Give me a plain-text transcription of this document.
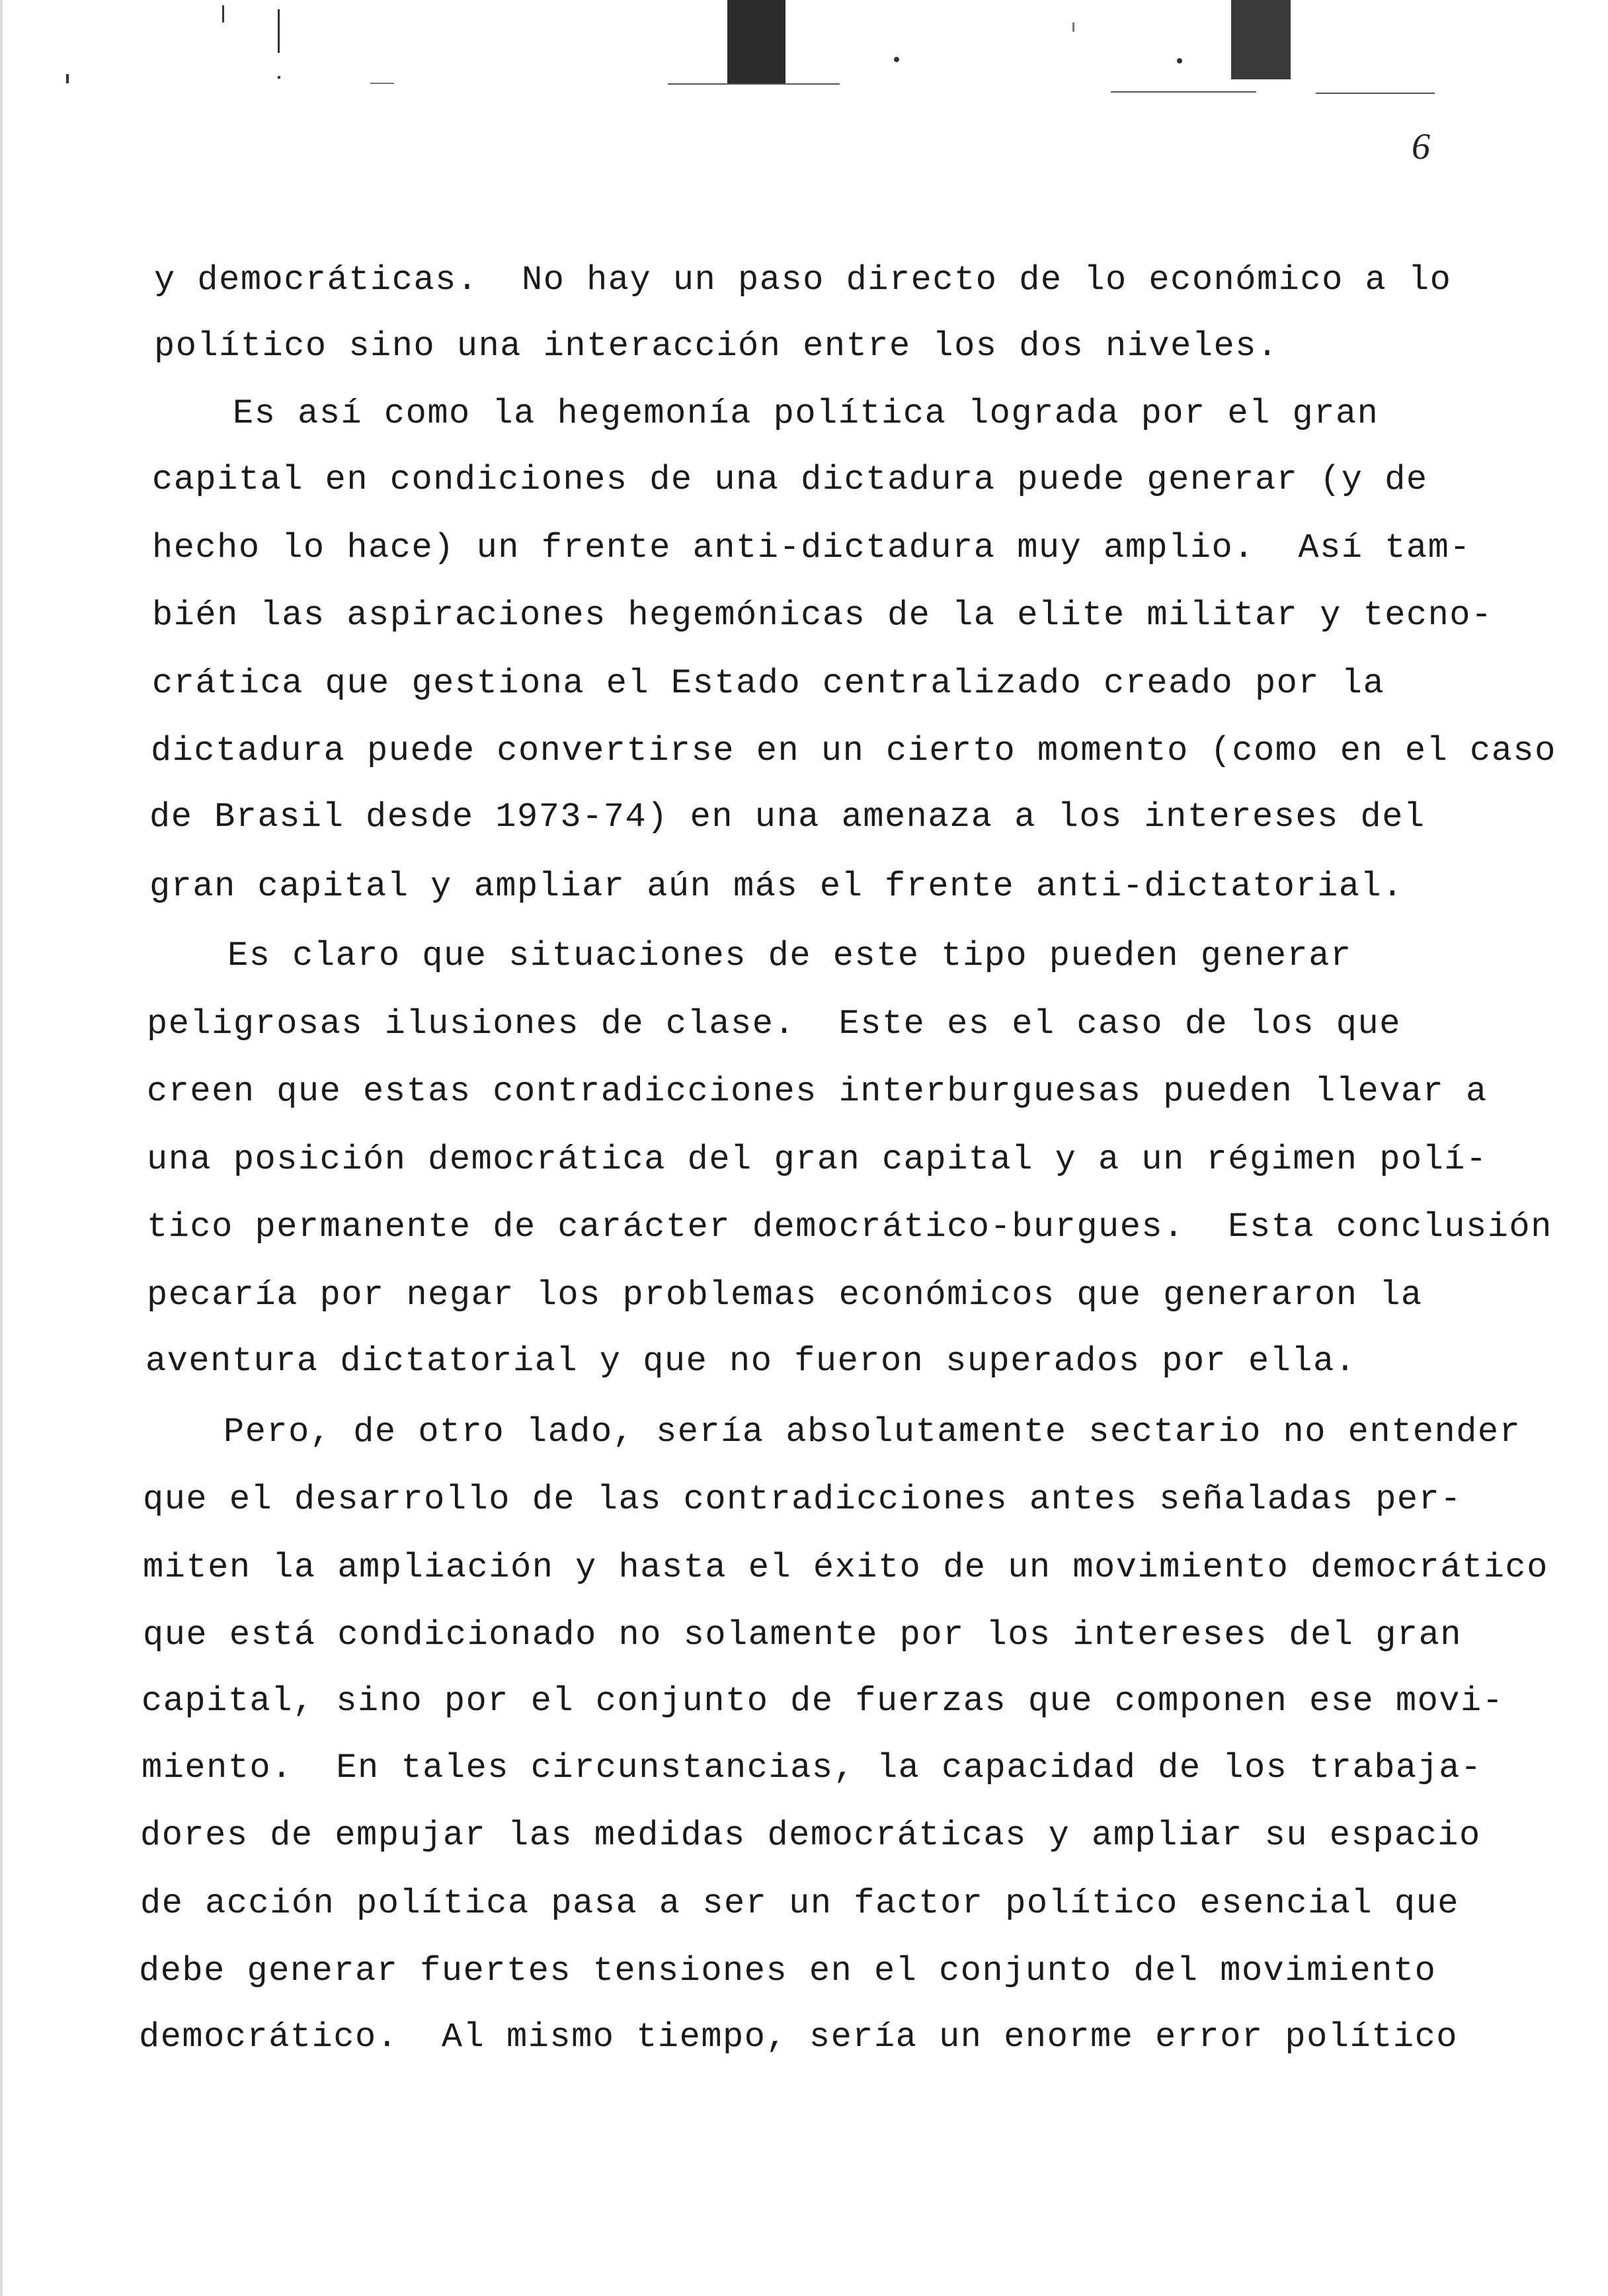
6
y democráticas.  No hay un paso directo de lo económico a lo
político sino una interacción entre los dos niveles.
Es así como la hegemonía política lograda por el gran
capital en condiciones de una dictadura puede generar (y de
hecho lo hace) un frente anti-dictadura muy amplio.  Así tam-
bién las aspiraciones hegemónicas de la elite militar y tecno-
crática que gestiona el Estado centralizado creado por la
dictadura puede convertirse en un cierto momento (como en el caso
de Brasil desde 1973-74) en una amenaza a los intereses del
gran capital y ampliar aún más el frente anti-dictatorial.
Es claro que situaciones de este tipo pueden generar
peligrosas ilusiones de clase.  Este es el caso de los que
creen que estas contradicciones interburguesas pueden llevar a
una posición democrática del gran capital y a un régimen polí-
tico permanente de carácter democrático-burgues.  Esta conclusión
pecaría por negar los problemas económicos que generaron la
aventura dictatorial y que no fueron superados por ella.
Pero, de otro lado, sería absolutamente sectario no entender
que el desarrollo de las contradicciones antes señaladas per-
miten la ampliación y hasta el éxito de un movimiento democrático
que está condicionado no solamente por los intereses del gran
capital, sino por el conjunto de fuerzas que componen ese movi-
miento.  En tales circunstancias, la capacidad de los trabaja-
dores de empujar las medidas democráticas y ampliar su espacio
de acción política pasa a ser un factor político esencial que
debe generar fuertes tensiones en el conjunto del movimiento
democrático.  Al mismo tiempo, sería un enorme error político
